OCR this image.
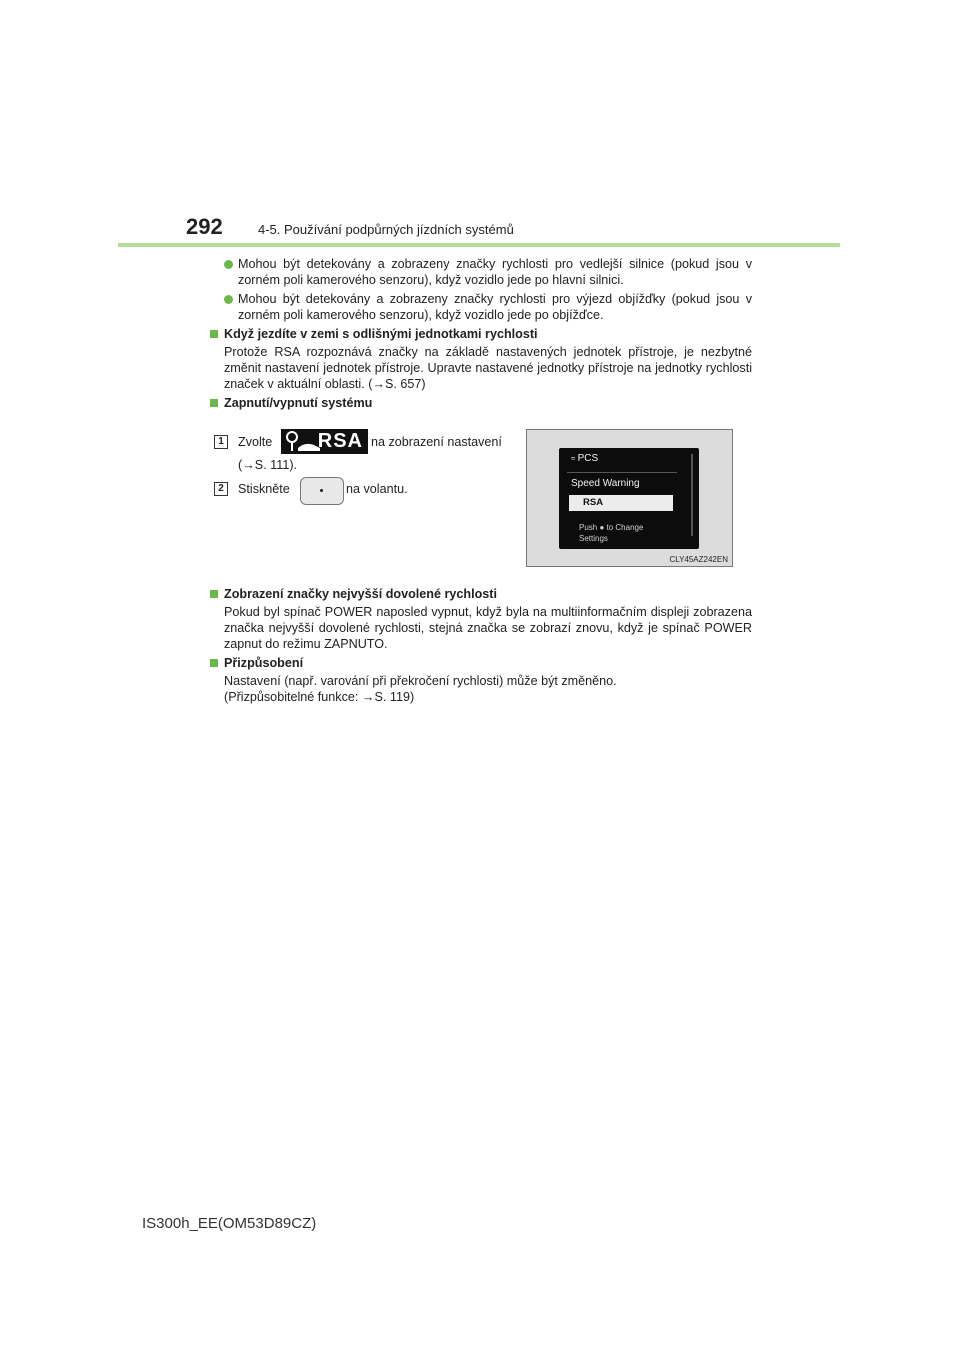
292	4-5. Používání podpůrných jízdních systémů
Mohou být detekovány a zobrazeny značky rychlosti pro vedlejší silnice (pokud jsou v zorném poli kamerového senzoru), když vozidlo jede po hlavní silnici.
Mohou být detekovány a zobrazeny značky rychlosti pro výjezd objížďky (pokud jsou v zorném poli kamerového senzoru), když vozidlo jede po objížďce.
Když jezdíte v zemi s odlišnými jednotkami rychlosti
Protože RSA rozpoznává značky na základě nastavených jednotek přístroje, je nezbytné změnit nastavení jednotek přístroje. Upravte nastavené jednotky přístroje na jednotky rychlosti značek v aktuální oblasti. (→S. 657)
Zapnutí/vypnutí systému
1	Zvolte RSA na zobrazení nastavení
(→S. 111).
2	Stiskněte	na volantu.
≈ PCS
Speed Warning
RSA
Push ● to Change
Settings
CLY45AZ242EN
Zobrazení značky nejvyšší dovolené rychlosti
Pokud byl spínač POWER naposled vypnut, když byla na multiinformačním displeji zobrazena značka nejvyšší dovolené rychlosti, stejná značka se zobrazí znovu, když je spínač POWER zapnut do režimu ZAPNUTO.
Přizpůsobení
Nastavení (např. varování při překročení rychlosti) může být změněno.
(Přizpůsobitelné funkce: →S. 119)
IS300h_EE(OM53D89CZ)
